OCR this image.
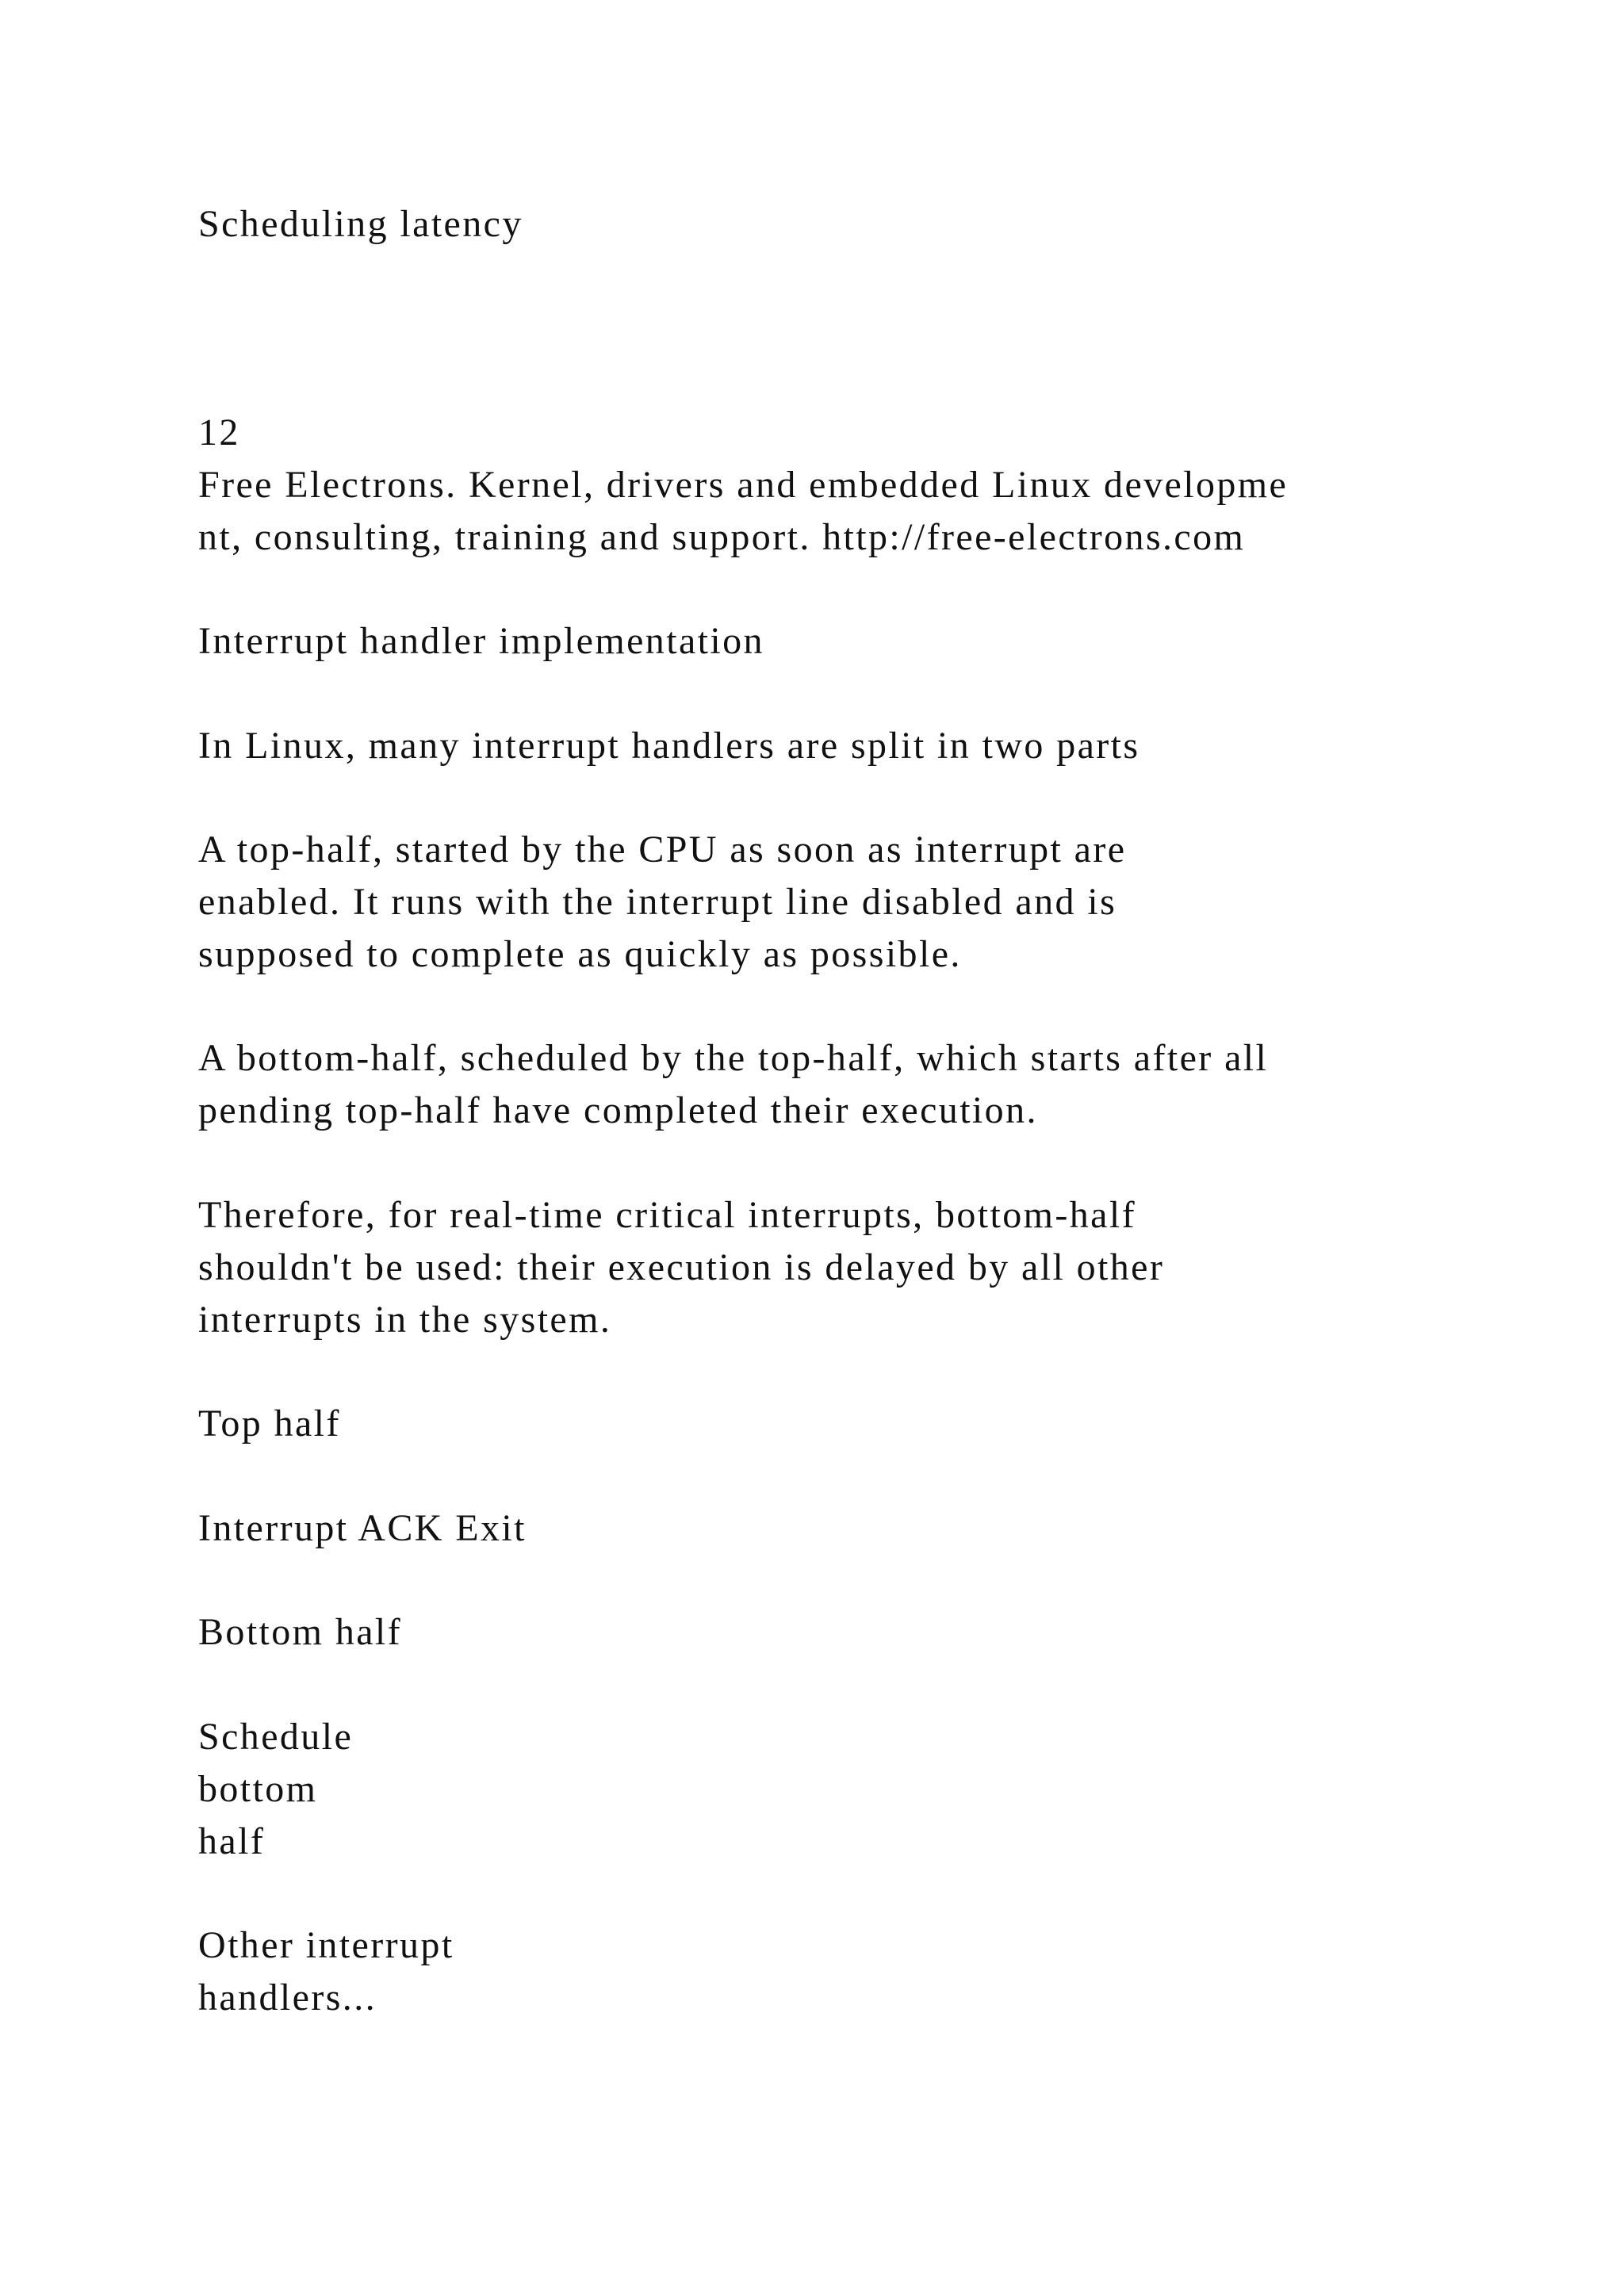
Scheduling latency

12

Free Electrons. Kernel, drivers and embedded Linux developme

nt, consulting, training and support. http://free-electrons.com

Interrupt handler implementation

In Linux, many interrupt handlers are split in two parts

A top-half, started by the CPU as soon as interrupt are

enabled. It runs with the interrupt line disabled and is

supposed to complete as quickly as possible.

A bottom-half, scheduled by the top-half, which starts after all

pending top-half have completed their execution.

Therefore, for real-time critical interrupts, bottom-half

shouldn't be used: their execution is delayed by all other

interrupts in the system.

Top half

Interrupt ACK Exit

Bottom half

Schedule

bottom

half

Other interrupt

handlers...
